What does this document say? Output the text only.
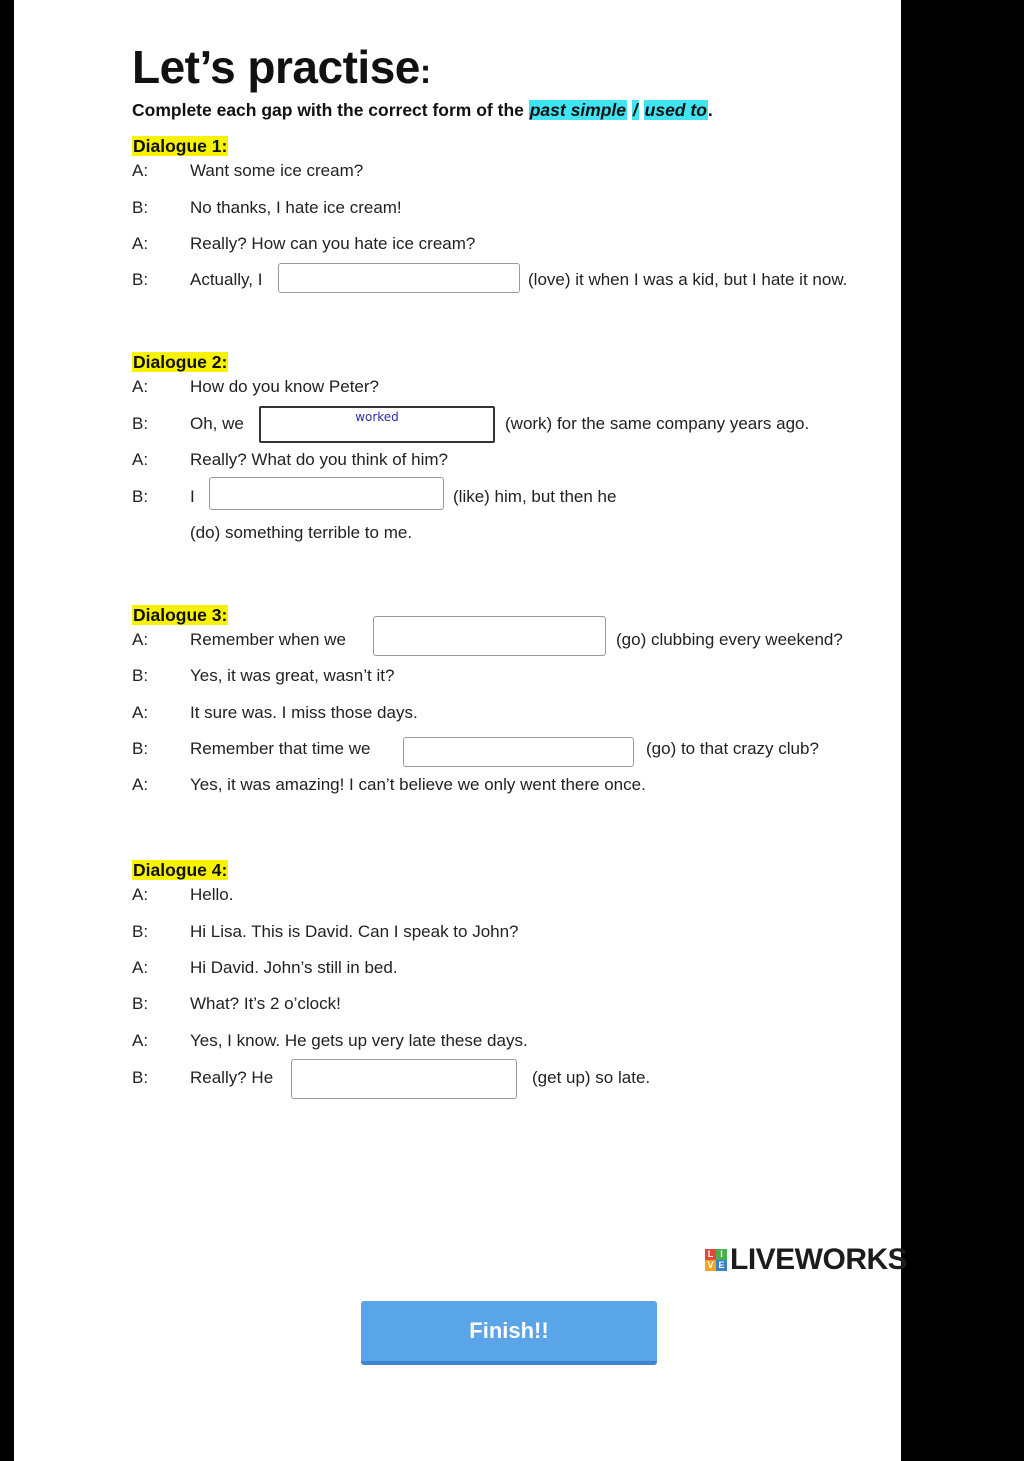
Let’s practise:
Complete each gap with the correct form of the past simple / used to.
Dialogue 1:
A: Want some ice cream?
B: No thanks, I hate ice cream!
A: Really? How can you hate ice cream?
B: Actually, I	(love) it when I was a kid, but I hate it now.
Dialogue 2:
A: How do you know Peter?
B: Oh, we	worked	(work) for the same company years ago.
A: Really? What do you think of him?
B: I	(like) him, but then he
(do) something terrible to me.
Dialogue 3:
A: Remember when we	(go) clubbing every weekend?
B: Yes, it was great, wasn’t it?
A: It sure was. I miss those days.
B: Remember that time we	(go) to that crazy club?
A: Yes, it was amazing! I can’t believe we only went there once.
Dialogue 4:
A: Hello.
B: Hi Lisa. This is David. Can I speak to John?
A: Hi David. John’s still in bed.
B: What? It’s 2 o’clock!
A: Yes, I know. He gets up very late these days.
B: Really? He	(get up) so late.
L I
V E LIVEWORKS
Finish!!
